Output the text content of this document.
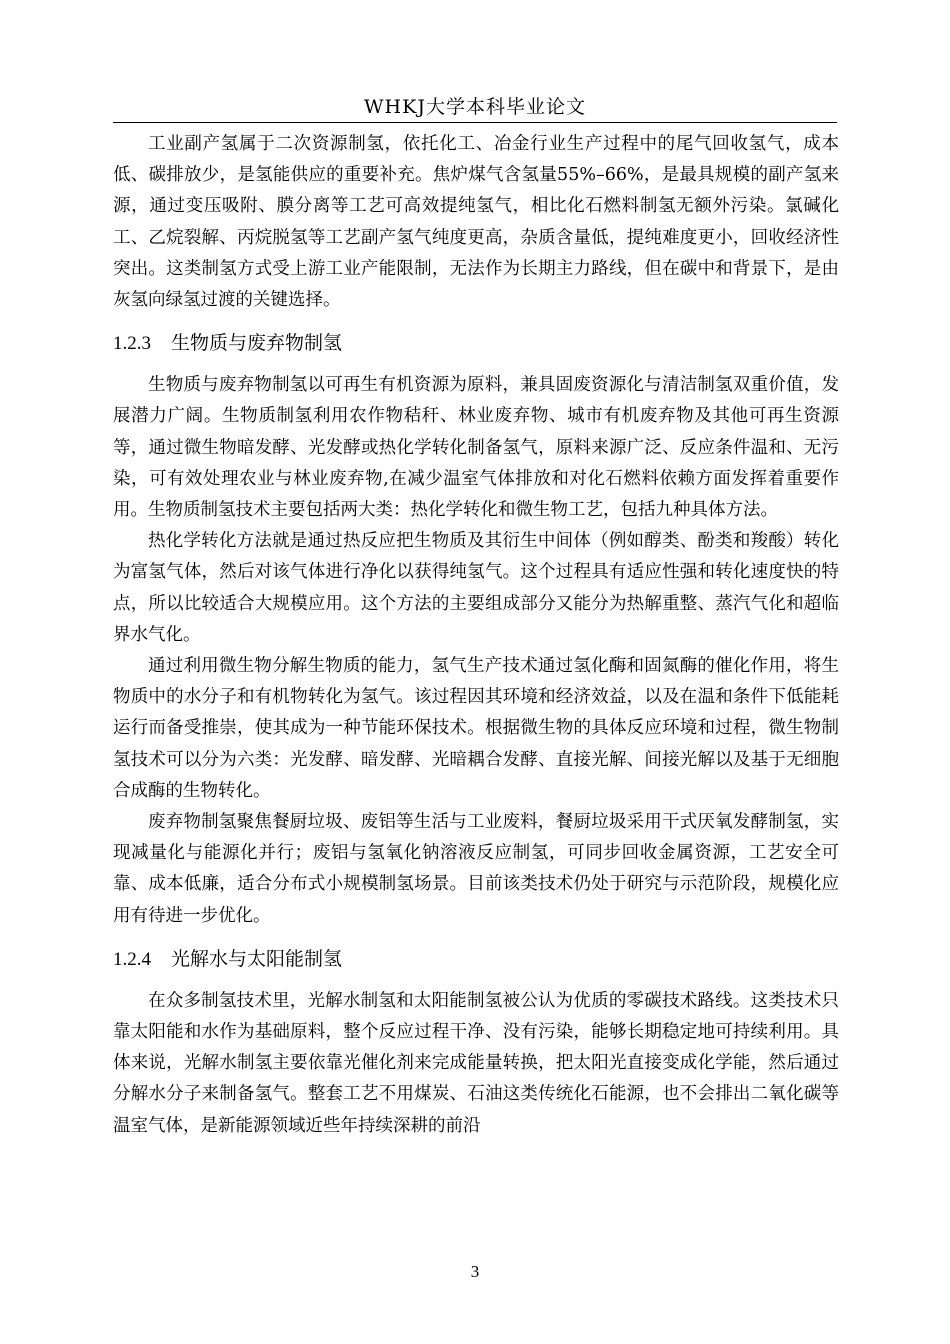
WHKJ大学本科毕业论文

工业副产氢属于二次资源制氢，依托化工、冶金行业生产过程中的尾气回收氢气，成本低、碳排放少，是氢能供应的重要补充。焦炉煤气含氢量55%–66%，是最具规模的副产氢来源，通过变压吸附、膜分离等工艺可高效提纯氢气，相比化石燃料制氢无额外污染。氯碱化工、乙烷裂解、丙烷脱氢等工艺副产氢气纯度更高，杂质含量低，提纯难度更小，回收经济性突出。这类制氢方式受上游工业产能限制，无法作为长期主力路线，但在碳中和背景下，是由灰氢向绿氢过渡的关键选择。

1.2.3 生物质与废弃物制氢

生物质与废弃物制氢以可再生有机资源为原料，兼具固废资源化与清洁制氢双重价值，发展潜力广阔。生物质制氢利用农作物秸秆、林业废弃物、城市有机废弃物及其他可再生资源等，通过微生物暗发酵、光发酵或热化学转化制备氢气，原料来源广泛、反应条件温和、无污染，可有效处理农业与林业废弃物,在减少温室气体排放和对化石燃料依赖方面发挥着重要作用。生物质制氢技术主要包括两大类：热化学转化和微生物工艺，包括九种具体方法。

热化学转化方法就是通过热反应把生物质及其衍生中间体（例如醇类、酚类和羧酸）转化为富氢气体，然后对该气体进行净化以获得纯氢气。这个过程具有适应性强和转化速度快的特点，所以比较适合大规模应用。这个方法的主要组成部分又能分为热解重整、蒸汽气化和超临界水气化。

通过利用微生物分解生物质的能力，氢气生产技术通过氢化酶和固氮酶的催化作用，将生物质中的水分子和有机物转化为氢气。该过程因其环境和经济效益，以及在温和条件下低能耗运行而备受推崇，使其成为一种节能环保技术。根据微生物的具体反应环境和过程，微生物制氢技术可以分为六类：光发酵、暗发酵、光暗耦合发酵、直接光解、间接光解以及基于无细胞合成酶的生物转化。

废弃物制氢聚焦餐厨垃圾、废铝等生活与工业废料，餐厨垃圾采用干式厌氧发酵制氢，实现减量化与能源化并行；废铝与氢氧化钠溶液反应制氢，可同步回收金属资源，工艺安全可靠、成本低廉，适合分布式小规模制氢场景。目前该类技术仍处于研究与示范阶段，规模化应用有待进一步优化。

1.2.4 光解水与太阳能制氢

在众多制氢技术里，光解水制氢和太阳能制氢被公认为优质的零碳技术路线。这类技术只靠太阳能和水作为基础原料，整个反应过程干净、没有污染，能够长期稳定地可持续利用。具体来说，光解水制氢主要依靠光催化剂来完成能量转换，把太阳光直接变成化学能，然后通过分解水分子来制备氢气。整套工艺不用煤炭、石油这类传统化石能源，也不会排出二氧化碳等温室气体，是新能源领域近些年持续深耕的前沿

3
